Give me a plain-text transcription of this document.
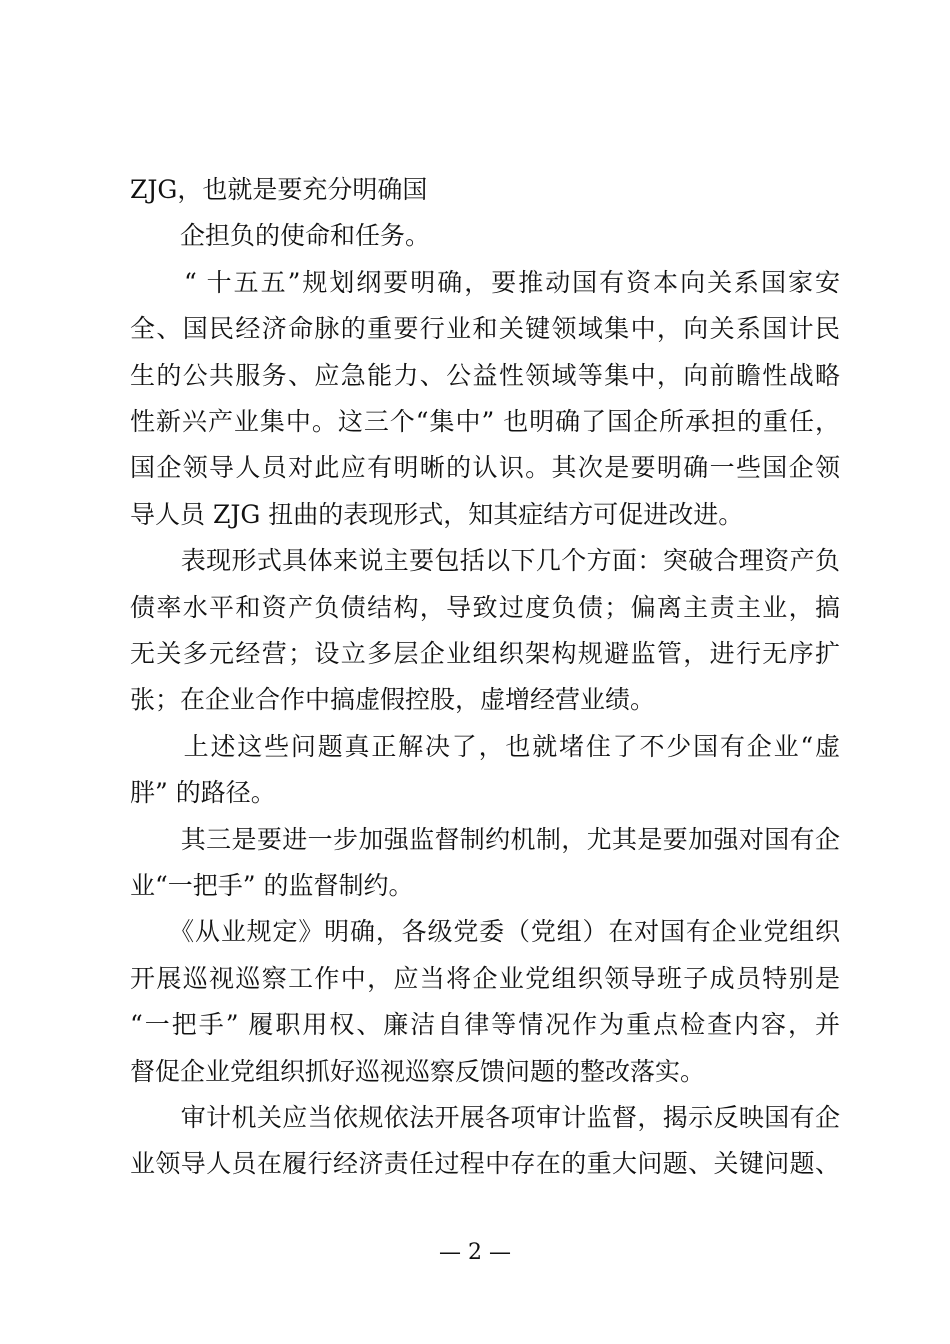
ZJG，也就是要充分明确国
　　企担负的使命和任务。
　　“ 十五五”规划纲要明确，要推动国有资本向关系国家安
全、国民经济命脉的重要行业和关键领域集中，向关系国计民
生的公共服务、应急能力、公益性领域等集中，向前瞻性战略
性新兴产业集中。这三个“集中” 也明确了国企所承担的重任，
国企领导人员对此应有明晰的认识。其次是要明确一些国企领
导人员 ZJG 扭曲的表现形式，知其症结方可促进改进。
　　表现形式具体来说主要包括以下几个方面：突破合理资产负
债率水平和资产负债结构，导致过度负债；偏离主责主业，搞
无关多元经营；设立多层企业组织架构规避监管，进行无序扩
张；在企业合作中搞虚假控股，虚增经营业绩。
　　上述这些问题真正解决了，也就堵住了不少国有企业“虚
胖” 的路径。
　　其三是要进一步加强监督制约机制，尤其是要加强对国有企
业“一把手” 的监督制约。
　　《从业规定》明确，各级党委（党组）在对国有企业党组织
开展巡视巡察工作中，应当将企业党组织领导班子成员特别是
“一把手” 履职用权、廉洁自律等情况作为重点检查内容，并
督促企业党组织抓好巡视巡察反馈问题的整改落实。
　　审计机关应当依规依法开展各项审计监督，揭示反映国有企
业领导人员在履行经济责任过程中存在的重大问题、关键问题、
— 2 —
